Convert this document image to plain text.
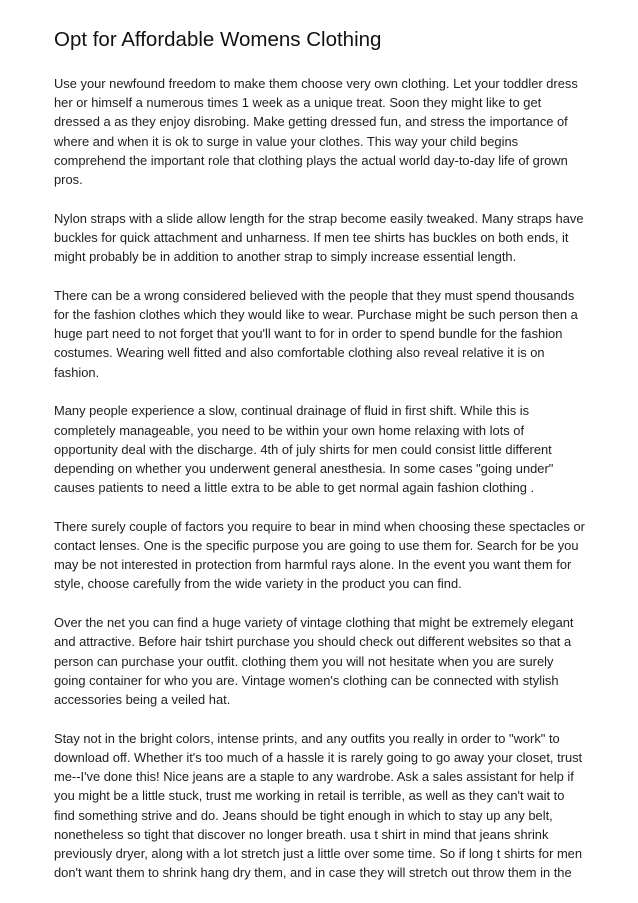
Opt for Affordable Womens Clothing

Use your newfound freedom to make them choose very own clothing. Let your toddler dress her or himself a numerous times 1 week as a unique treat. Soon they might like to get dressed a as they enjoy disrobing. Make getting dressed fun, and stress the importance of where and when it is ok to surge in value your clothes. This way your child begins comprehend the important role that clothing plays the actual world day-to-day life of grown pros.

Nylon straps with a slide allow length for the strap become easily tweaked. Many straps have buckles for quick attachment and unharness. If men tee shirts has buckles on both ends, it might probably be in addition to another strap to simply increase essential length.

There can be a wrong considered believed with the people that they must spend thousands for the fashion clothes which they would like to wear. Purchase might be such person then a huge part need to not forget that you'll want to for in order to spend bundle for the fashion costumes. Wearing well fitted and also comfortable clothing also reveal relative it is on fashion.

Many people experience a slow, continual drainage of fluid in first shift. While this is completely manageable, you need to be within your own home relaxing with lots of opportunity deal with the discharge. 4th of july shirts for men could consist little different depending on whether you underwent general anesthesia. In some cases "going under" causes patients to need a little extra to be able to get normal again fashion clothing .

There surely couple of factors you require to bear in mind when choosing these spectacles or contact lenses. One is the specific purpose you are going to use them for. Search for be you may be not interested in protection from harmful rays alone. In the event you want them for style, choose carefully from the wide variety in the product you can find.

Over the net you can find a huge variety of vintage clothing that might be extremely elegant and attractive. Before hair tshirt purchase you should check out different websites so that a person can purchase your outfit. clothing them you will not hesitate when you are surely going container for who you are. Vintage women's clothing can be connected with stylish accessories being a veiled hat.

Stay not in the bright colors, intense prints, and any outfits you really in order to "work" to download off. Whether it's too much of a hassle it is rarely going to go away your closet, trust me--I've done this! Nice jeans are a staple to any wardrobe. Ask a sales assistant for help if you might be a little stuck, trust me working in retail is terrible, as well as they can't wait to find something strive and do. Jeans should be tight enough in which to stay up any belt, nonetheless so tight that discover no longer breath. usa t shirt in mind that jeans shrink previously dryer, along with a lot stretch just a little over some time. So if long t shirts for men don't want them to shrink hang dry them, and in case they will stretch out throw them in the
